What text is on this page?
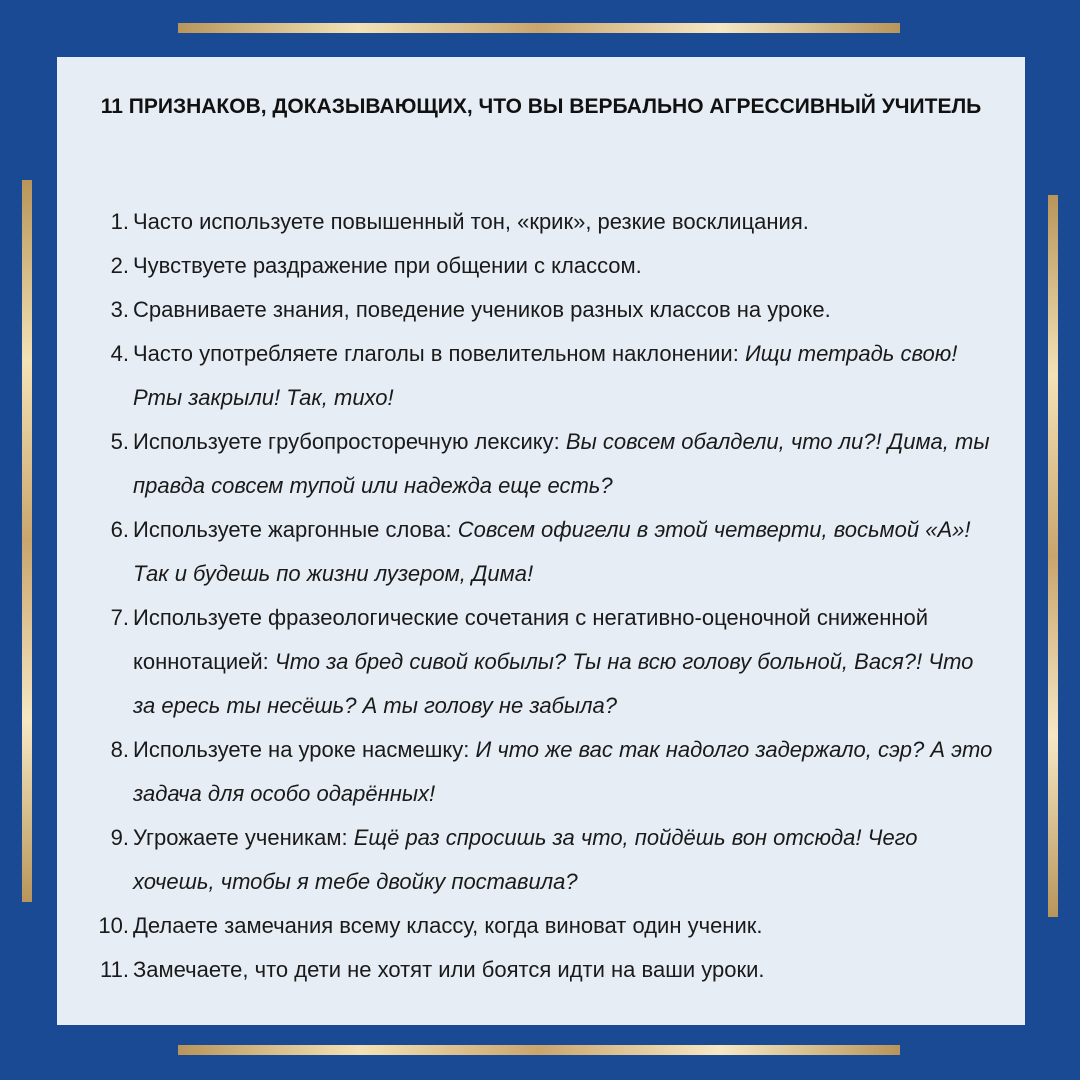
11 ПРИЗНАКОВ, ДОКАЗЫВАЮЩИХ, ЧТО ВЫ ВЕРБАЛЬНО АГРЕССИВНЫЙ УЧИТЕЛЬ
1. Часто используете повышенный тон, «крик», резкие восклицания.
2. Чувствуете раздражение при общении с классом.
3. Сравниваете знания, поведение учеников разных классов на уроке.
4. Часто употребляете глаголы в повелительном наклонении: Ищи тетрадь свою! Рты закрыли! Так, тихо!
5. Используете грубопросторечную лексику: Вы совсем обалдели, что ли?! Дима, ты правда совсем тупой или надежда еще есть?
6. Используете жаргонные слова: Совсем офигели в этой четверти, восьмой «А»! Так и будешь по жизни лузером, Дима!
7. Используете фразеологические сочетания с негативно-оценочной сниженной коннотацией: Что за бред сивой кобылы? Ты на всю голову больной, Вася?! Что за ересь ты несёшь? А ты голову не забыла?
8. Используете на уроке насмешку: И что же вас так надолго задержало, сэр? А это задача для особо одарённых!
9. Угрожаете ученикам: Ещё раз спросишь за что, пойдёшь вон отсюда! Чего хочешь, чтобы я тебе двойку поставила?
10. Делаете замечания всему классу, когда виноват один ученик.
11. Замечаете, что дети не хотят или боятся идти на ваши уроки.
